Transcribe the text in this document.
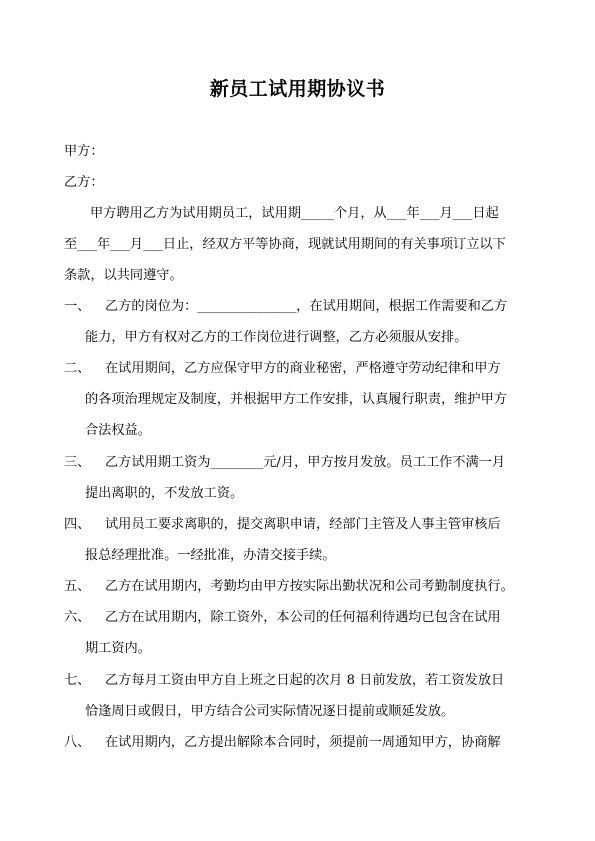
新员工试用期协议书
甲方：
乙方：
甲方聘用乙方为试用期员工，试用期_____个月，从___年___月___日起
至___年___月___日止，经双方平等协商，现就试用期间的有关事项订立以下
条款，以共同遵守。
一、 乙方的岗位为：_______________，在试用期间，根据工作需要和乙方
能力，甲方有权对乙方的工作岗位进行调整，乙方必须服从安排。
二、 在试用期间，乙方应保守甲方的商业秘密，严格遵守劳动纪律和甲方
的各项治理规定及制度，并根据甲方工作安排，认真履行职责，维护甲方
合法权益。
三、 乙方试用期工资为________元/月，甲方按月发放。员工工作不满一月
提出离职的，不发放工资。
四、 试用员工要求离职的，提交离职申请，经部门主管及人事主管审核后
报总经理批准。一经批准，办清交接手续。
五、 乙方在试用期内，考勤均由甲方按实际出勤状况和公司考勤制度执行。
六、 乙方在试用期内，除工资外，本公司的任何福利待遇均已包含在试用
期工资内。
七、 乙方每月工资由甲方自上班之日起的次月 8 日前发放，若工资发放日
恰逢周日或假日，甲方结合公司实际情况逐日提前或顺延发放。
八、 在试用期内，乙方提出解除本合同时，须提前一周通知甲方，协商解
